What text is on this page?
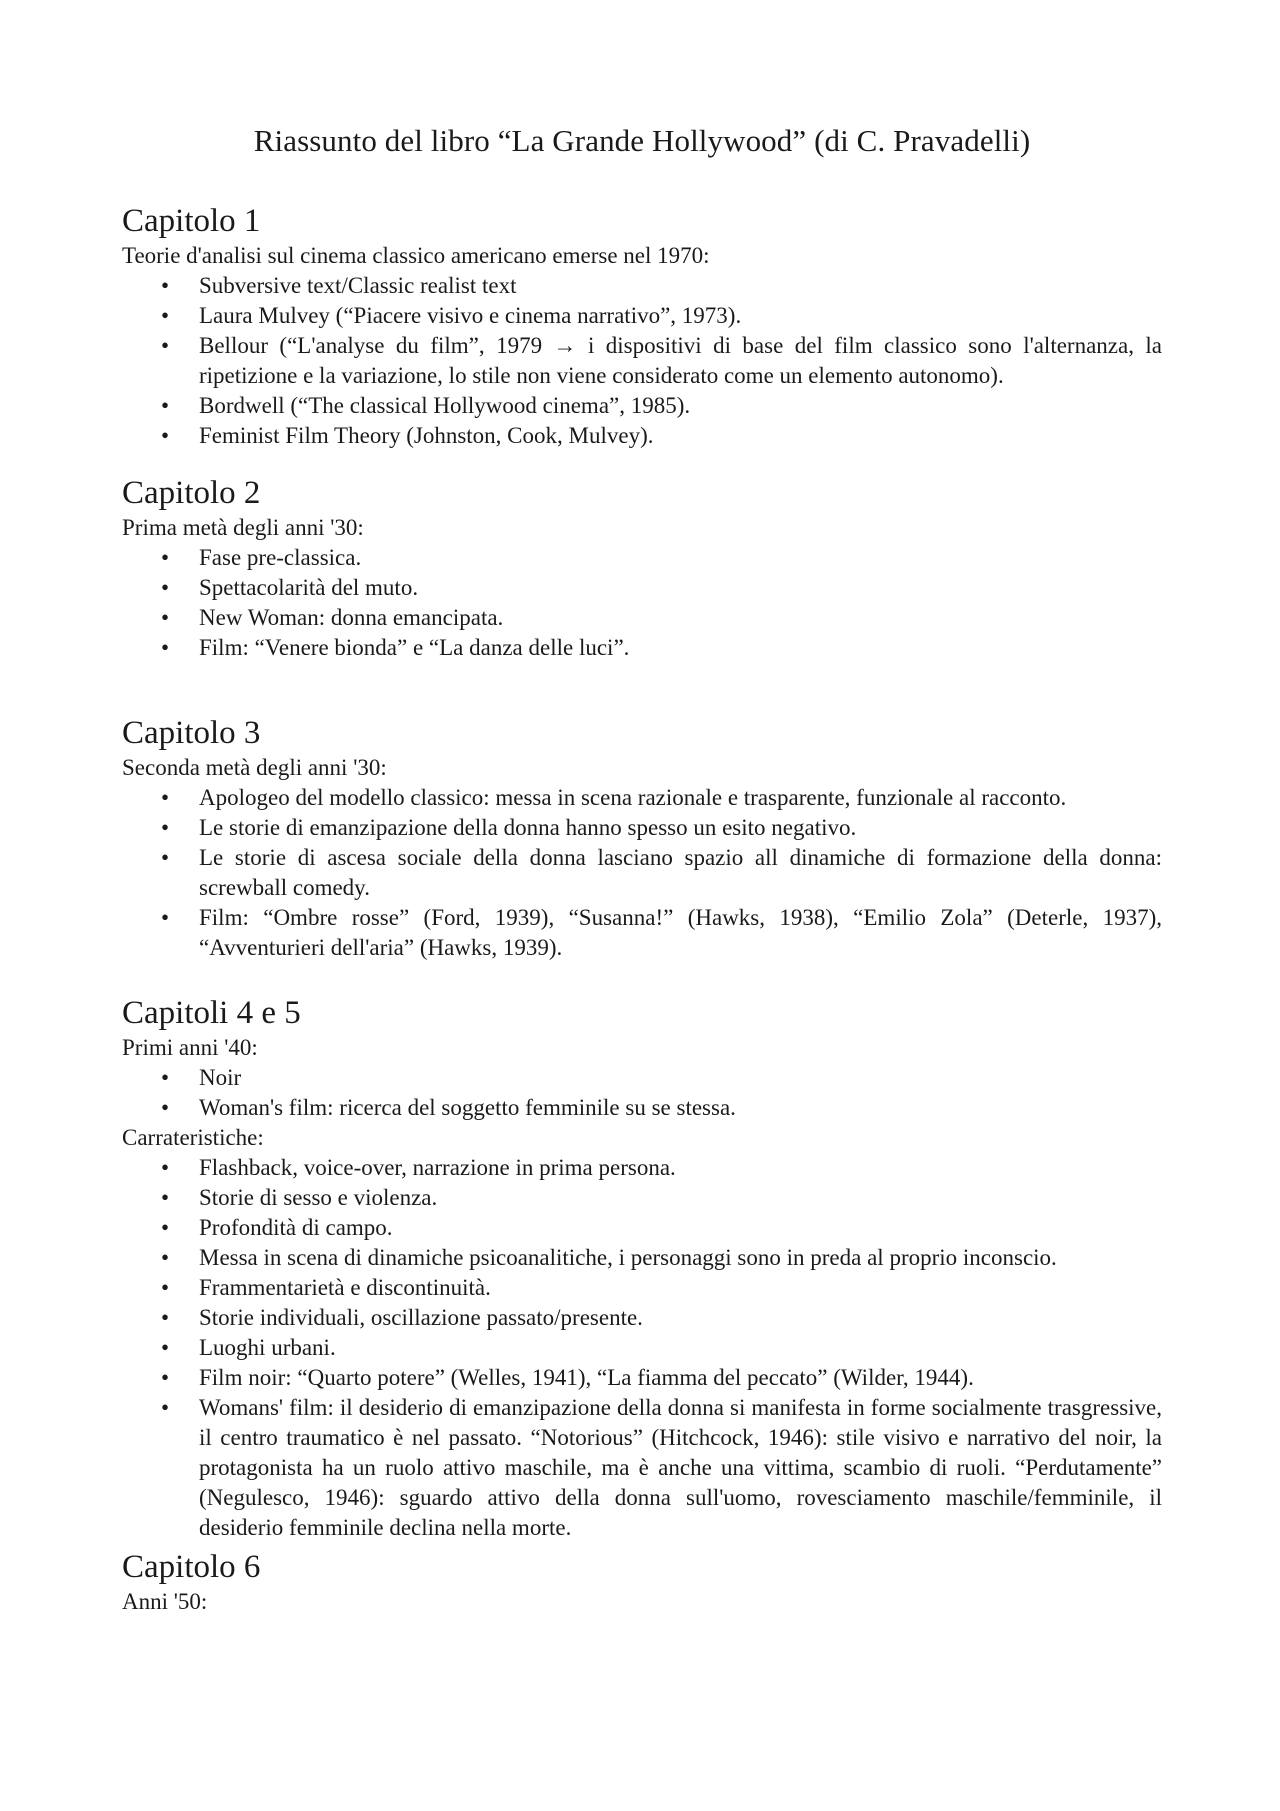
Riassunto del libro “La Grande Hollywood” (di C. Pravadelli)
Capitolo 1

Teorie d'analisi sul cinema classico americano emerse nel 1970:

• Subversive text/Classic realist text
• Laura Mulvey (“Piacere visivo e cinema narrativo”, 1973).
• Bellour (“L'analyse du film”, 1979 → i dispositivi di base del film classico sono l'alternanza, la ripetizione e la variazione, lo stile non viene considerato come un elemento autonomo).
• Bordwell (“The classical Hollywood cinema”, 1985).
• Feminist Film Theory (Johnston, Cook, Mulvey).
Capitolo 2

Prima metà degli anni '30:

• Fase pre-classica.
• Spettacolarità del muto.
• New Woman: donna emancipata.
• Film: “Venere bionda” e “La danza delle luci”.
Capitolo 3

Seconda metà degli anni '30:

• Apologeo del modello classico: messa in scena razionale e trasparente, funzionale al racconto.
• Le storie di emanzipazione della donna hanno spesso un esito negativo.
• Le storie di ascesa sociale della donna lasciano spazio all dinamiche di formazione della donna: screwball comedy.
• Film: “Ombre rosse” (Ford, 1939), “Susanna!” (Hawks, 1938), “Emilio Zola” (Deterle, 1937), “Avventurieri dell'aria” (Hawks, 1939).
Capitoli 4 e 5

Primi anni '40:

• Noir
• Woman's film: ricerca del soggetto femminile su se stessa.

Carrateristiche:

• Flashback, voice-over, narrazione in prima persona.
• Storie di sesso e violenza.
• Profondità di campo.
• Messa in scena di dinamiche psicoanalitiche, i personaggi sono in preda al proprio inconscio.
• Frammentarietà e discontinuità.
• Storie individuali, oscillazione passato/presente.
• Luoghi urbani.
• Film noir: “Quarto potere” (Welles, 1941), “La fiamma del peccato” (Wilder, 1944).
• Womans' film: il desiderio di emanzipazione della donna si manifesta in forme socialmente trasgressive, il centro traumatico è nel passato. “Notorious” (Hitchcock, 1946): stile visivo e narrativo del noir, la protagonista ha un ruolo attivo maschile, ma è anche una vittima, scambio di ruoli. “Perdutamente” (Negulesco, 1946): sguardo attivo della donna sull'uomo, rovesciamento maschile/femminile, il desiderio femminile declina nella morte.
Capitolo 6

Anni '50:
